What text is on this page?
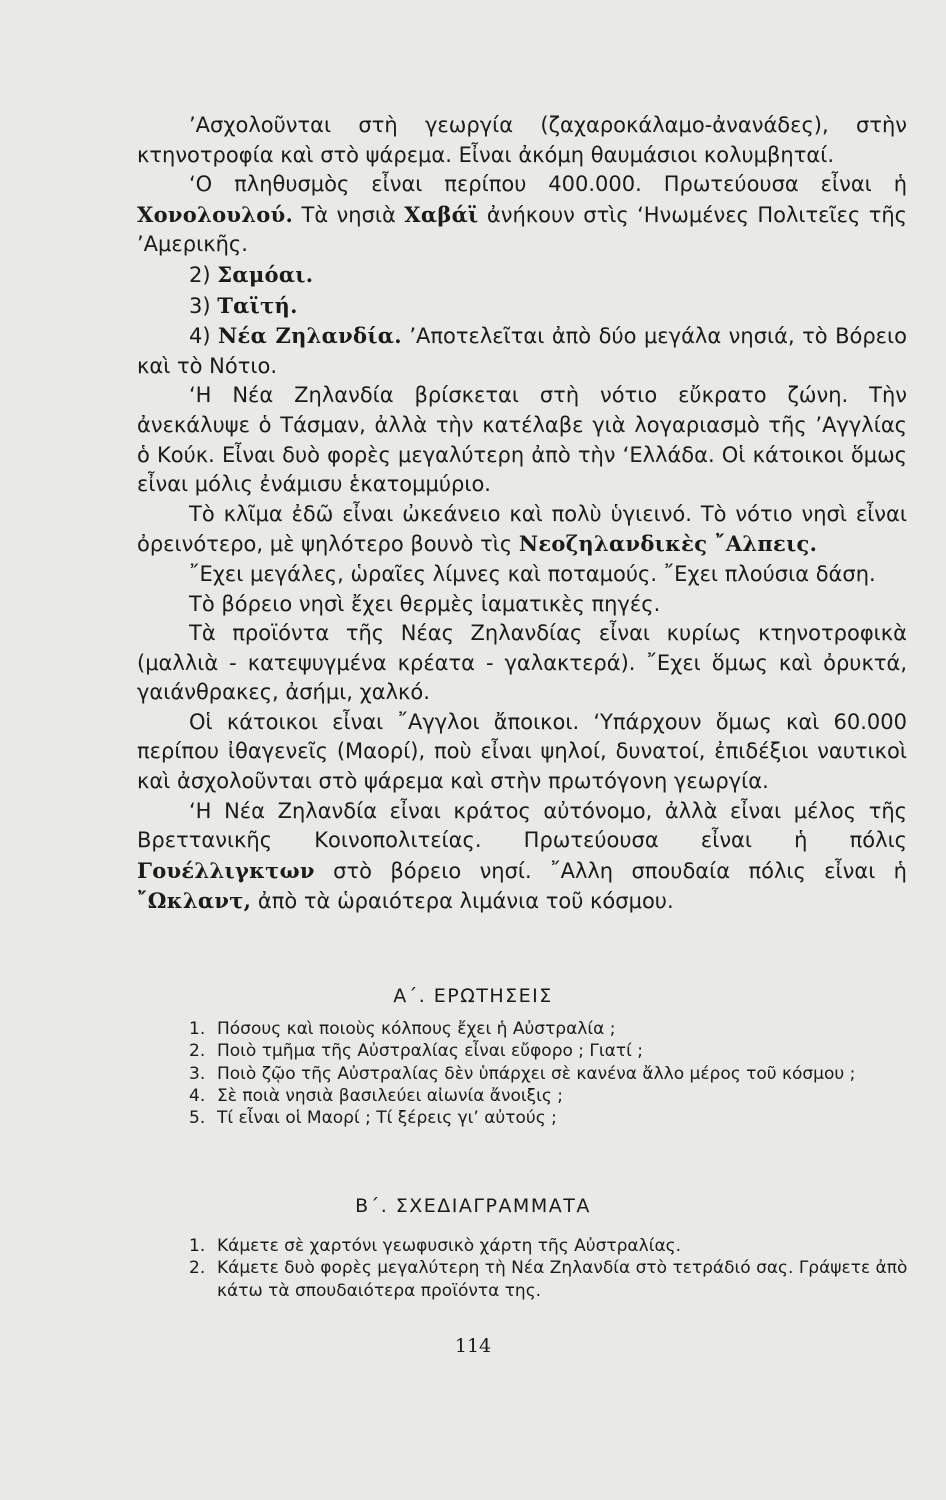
’Ασχολοῦνται στὴ γεωργία (ζαχαροκάλαμο-ἀνανάδες), στὴν κτηνοτροφία καὶ στὸ ψάρεμα. Εἶναι ἀκόμη θαυμάσιοι κολυμβηταί.

‘Ο πληθυσμὸς εἶναι περίπου 400.000. Πρωτεύουσα εἶναι ἡ Χονολουλού. Τὰ νησιὰ Χαβάϊ ἀνήκουν στὶς ‘Ηνωμένες Πολιτεῖες τῆς ’Αμερικῆς.

2) Σαμόαι.

3) Ταϊτή.

4) Νέα Ζηλανδία. ’Αποτελεῖται ἀπὸ δύο μεγάλα νησιά, τὸ Βόρειο καὶ τὸ Νότιο.

‘Η Νέα Ζηλανδία βρίσκεται στὴ νότιο εὔκρατο ζώνη. Τὴν ἀνεκάλυψε ὁ Τάσμαν, ἀλλὰ τὴν κατέλαβε γιὰ λογαριασμὸ τῆς ’Αγγλίας ὁ Κούκ. Εἶναι δυὸ φορὲς μεγαλύτερη ἀπὸ τὴν ‘Ελλάδα. Οἱ κάτοικοι ὅμως εἶναι μόλις ἐνάμισυ ἑκατομμύριο.

Τὸ κλῖμα ἐδῶ εἶναι ὠκεάνειο καὶ πολὺ ὑγιεινό. Τὸ νότιο νησὶ εἶναι ὀρεινότερο, μὲ ψηλότερο βουνὸ τὶς Νεοζηλανδικὲς ῎Αλπεις.

῎Εχει μεγάλες, ὡραῖες λίμνες καὶ ποταμούς. ῎Εχει πλούσια δάση.

Τὸ βόρειο νησὶ ἔχει θερμὲς ἰαματικὲς πηγές.

Τὰ προϊόντα τῆς Νέας Ζηλανδίας εἶναι κυρίως κτηνοτροφικὰ (μαλλιὰ - κατεψυγμένα κρέατα - γαλακτερά). ῎Εχει ὅμως καὶ ὀρυκτά, γαιάνθρακες, ἀσήμι, χαλκό.

Οἱ κάτοικοι εἶναι ῎Αγγλοι ἄποικοι. ‘Υπάρχουν ὅμως καὶ 60.000 περίπου ἰθαγενεῖς (Μαορί), ποὺ εἶναι ψηλοί, δυνατοί, ἐπιδέξιοι ναυτικοὶ καὶ ἀσχολοῦνται στὸ ψάρεμα καὶ στὴν πρωτόγονη γεωργία.

‘Η Νέα Ζηλανδία εἶναι κράτος αὐτόνομο, ἀλλὰ εἶναι μέλος τῆς Βρεττανικῆς Κοινοπολιτείας. Πρωτεύουσα εἶναι ἡ πόλις Γουέλλιγκτων στὸ βόρειο νησί. ῎Αλλη σπουδαία πόλις εἶναι ἡ ῎Ωκλαντ, ἀπὸ τὰ ὡραιότερα λιμάνια τοῦ κόσμου.

Α΄. ΕΡΩΤΗΣΕΙΣ
1. Πόσους καὶ ποιοὺς κόλπους ἔχει ἡ Αὐστραλία ;
2. Ποιὸ τμῆμα τῆς Αὐστραλίας εἶναι εὔφορο ; Γιατί ;
3. Ποιὸ ζῷο τῆς Αὐστραλίας δὲν ὑπάρχει σὲ κανένα ἄλλο μέρος τοῦ κόσμου ;
4. Σὲ ποιὰ νησιὰ βασιλεύει αἰωνία ἄνοιξις ;
5. Τί εἶναι οἱ Μαορί ; Τί ξέρεις γι’ αὐτούς ;
Β΄. ΣΧΕΔΙΑΓΡΑΜΜΑΤΑ
1. Κάμετε σὲ χαρτόνι γεωφυσικὸ χάρτη τῆς Αὐστραλίας.
2. Κάμετε δυὸ φορὲς μεγαλύτερη τὴ Νέα Ζηλανδία στὸ τετράδιό σας. Γράψετε ἀπὸ κάτω τὰ σπουδαιότερα προϊόντα της.
114
